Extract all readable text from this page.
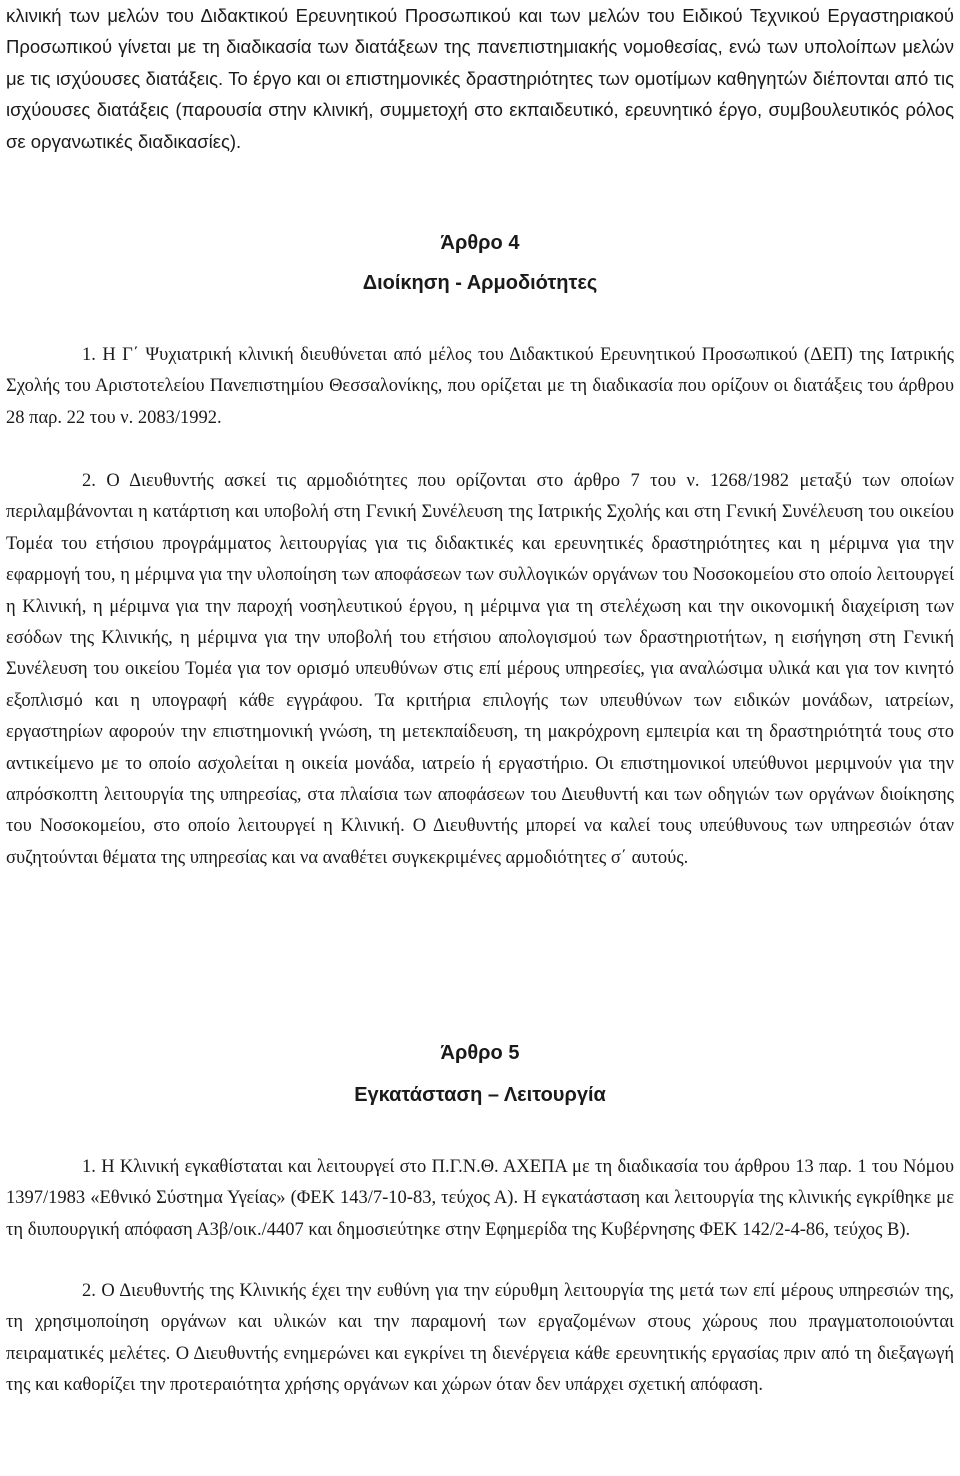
κλινική των μελών του Διδακτικού Ερευνητικού Προσωπικού και των μελών του Ειδικού Τεχνικού Εργαστηριακού Προσωπικού γίνεται με τη διαδικασία των διατάξεων της πανεπιστημιακής νομοθεσίας, ενώ των υπολοίπων μελών με τις ισχύουσες διατάξεις. Το έργο και οι επιστημονικές δραστηριότητες των ομοτίμων καθηγητών διέπονται από τις ισχύουσες διατάξεις (παρουσία στην κλινική, συμμετοχή στο εκπαιδευτικό, ερευνητικό έργο, συμβουλευτικός ρόλος σε οργανωτικές διαδικασίες).

Άρθρο 4
Διοίκηση - Αρμοδιότητες

1. Η Γ΄ Ψυχιατρική κλινική διευθύνεται από μέλος του Διδακτικού Ερευνητικού Προσωπικού (ΔΕΠ) της Ιατρικής Σχολής του Αριστοτελείου Πανεπιστημίου Θεσσαλονίκης, που ορίζεται με τη διαδικασία που ορίζουν οι διατάξεις του άρθρου 28 παρ. 22 του ν. 2083/1992.

2. Ο Διευθυντής ασκεί τις αρμοδιότητες που ορίζονται στο άρθρο 7 του ν. 1268/1982 μεταξύ των οποίων περιλαμβάνονται η κατάρτιση και υποβολή στη Γενική Συνέλευση της Ιατρικής Σχολής και στη Γενική Συνέλευση του οικείου Τομέα του ετήσιου προγράμματος λειτουργίας για τις διδακτικές και ερευνητικές δραστηριότητες και η μέριμνα για την εφαρμογή του, η μέριμνα για την υλοποίηση των αποφάσεων των συλλογικών οργάνων του Νοσοκομείου στο οποίο λειτουργεί η Κλινική, η μέριμνα για την παροχή νοσηλευτικού έργου, η μέριμνα για τη στελέχωση και την οικονομική διαχείριση των εσόδων της Κλινικής, η μέριμνα για την υποβολή του ετήσιου απολογισμού των δραστηριοτήτων, η εισήγηση στη Γενική Συνέλευση του οικείου Τομέα για τον ορισμό υπευθύνων στις επί μέρους υπηρεσίες, για αναλώσιμα υλικά και για τον κινητό εξοπλισμό και η υπογραφή κάθε εγγράφου. Τα κριτήρια επιλογής των υπευθύνων των ειδικών μονάδων, ιατρείων, εργαστηρίων αφορούν την επιστημονική γνώση, τη μετεκπαίδευση, τη μακρόχρονη εμπειρία και τη δραστηριότητά τους στο αντικείμενο με το οποίο ασχολείται η οικεία μονάδα, ιατρείο ή εργαστήριο. Οι επιστημονικοί υπεύθυνοι μεριμνούν για την απρόσκοπτη λειτουργία της υπηρεσίας, στα πλαίσια των αποφάσεων του Διευθυντή και των οδηγιών των οργάνων διοίκησης του Νοσοκομείου, στο οποίο λειτουργεί η Κλινική. Ο Διευθυντής μπορεί να καλεί τους υπεύθυνους των υπηρεσιών όταν συζητούνται θέματα της υπηρεσίας και να αναθέτει συγκεκριμένες αρμοδιότητες σ΄ αυτούς.

Άρθρο 5
Εγκατάσταση – Λειτουργία

1. Η Κλινική εγκαθίσταται και λειτουργεί στο Π.Γ.Ν.Θ. ΑΧΕΠΑ με τη διαδικασία του άρθρου 13 παρ. 1 του Νόμου 1397/1983 «Εθνικό Σύστημα Υγείας» (ΦΕΚ 143/7-10-83, τεύχος Α). Η εγκατάσταση και λειτουργία της κλινικής εγκρίθηκε με τη διυπουργική απόφαση Α3β/οικ./4407 και δημοσιεύτηκε στην Εφημερίδα της Κυβέρνησης ΦΕΚ 142/2-4-86, τεύχος Β).

2. Ο Διευθυντής της Κλινικής έχει την ευθύνη για την εύρυθμη λειτουργία της μετά των επί μέρους υπηρεσιών της, τη χρησιμοποίηση οργάνων και υλικών και την παραμονή των εργαζομένων στους χώρους που πραγματοποιούνται πειραματικές μελέτες. Ο Διευθυντής ενημερώνει και εγκρίνει τη διενέργεια κάθε ερευνητικής εργασίας πριν από τη διεξαγωγή της και καθορίζει την προτεραιότητα χρήσης οργάνων και χώρων όταν δεν υπάρχει σχετική απόφαση.
